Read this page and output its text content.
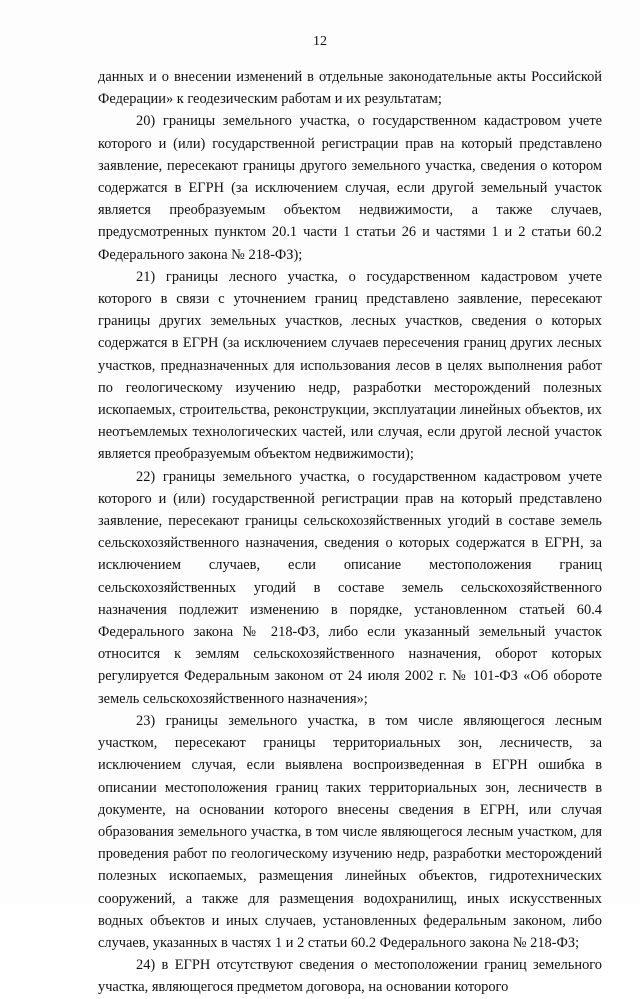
12

данных и о внесении изменений в отдельные законодательные акты Российской Федерации» к геодезическим работам и их результатам;

20) границы земельного участка, о государственном кадастровом учете которого и (или) государственной регистрации прав на который представлено заявление, пересекают границы другого земельного участка, сведения о котором содержатся в ЕГРН (за исключением случая, если другой земельный участок является преобразуемым объектом недвижимости, а также случаев, предусмотренных пунктом 20.1 части 1 статьи 26 и частями 1 и 2 статьи 60.2 Федерального закона № 218-ФЗ);

21) границы лесного участка, о государственном кадастровом учете которого в связи с уточнением границ представлено заявление, пересекают границы других земельных участков, лесных участков, сведения о которых содержатся в ЕГРН (за исключением случаев пересечения границ других лесных участков, предназначенных для использования лесов в целях выполнения работ по геологическому изучению недр, разработки месторождений полезных ископаемых, строительства, реконструкции, эксплуатации линейных объектов, их неотъемлемых технологических частей, или случая, если другой лесной участок является преобразуемым объектом недвижимости);

22) границы земельного участка, о государственном кадастровом учете которого и (или) государственной регистрации прав на который представлено заявление, пересекают границы сельскохозяйственных угодий в составе земель сельскохозяйственного назначения, сведения о которых содержатся в ЕГРН, за исключением случаев, если описание местоположения границ сельскохозяйственных угодий в составе земель сельскохозяйственного назначения подлежит изменению в порядке, установленном статьей 60.4 Федерального закона № 218-ФЗ, либо если указанный земельный участок относится к землям сельскохозяйственного назначения, оборот которых регулируется Федеральным законом от 24 июля 2002 г. № 101-ФЗ «Об обороте земель сельскохозяйственного назначения»;

23) границы земельного участка, в том числе являющегося лесным участком, пересекают границы территориальных зон, лесничеств, за исключением случая, если выявлена воспроизведенная в ЕГРН ошибка в описании местоположения границ таких территориальных зон, лесничеств в документе, на основании которого внесены сведения в ЕГРН, или случая образования земельного участка, в том числе являющегося лесным участком, для проведения работ по геологическому изучению недр, разработки месторождений полезных ископаемых, размещения линейных объектов, гидротехнических сооружений, а также для размещения водохранилищ, иных искусственных водных объектов и иных случаев, установленных федеральным законом, либо случаев, указанных в частях 1 и 2 статьи 60.2 Федерального закона № 218-ФЗ;

24) в ЕГРН отсутствуют сведения о местоположении границ земельного участка, являющегося предметом договора, на основании которого
